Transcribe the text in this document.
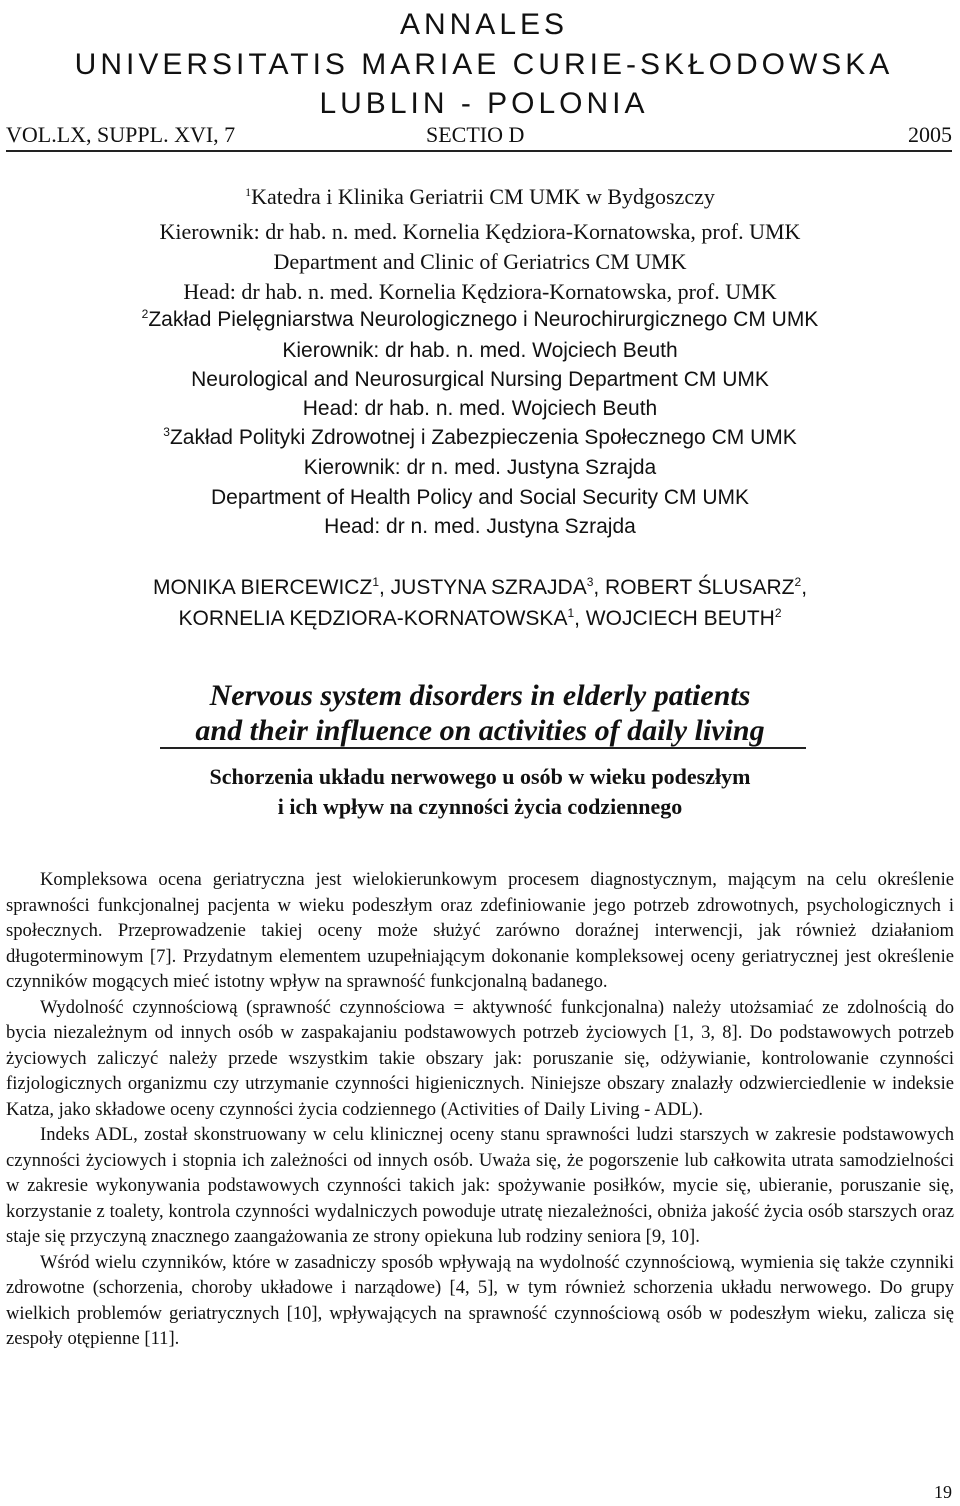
ANNALES
UNIVERSITATIS MARIAE CURIE-SKŁODOWSKA
LUBLIN - POLONIA
VOL.LX, SUPPL. XVI, 7	SECTIO D	2005
$^1$Katedra i Klinika Geriatrii CM UMK w Bydgoszczy
Kierownik: dr hab. n. med. Kornelia Kędziora-Kornatowska, prof. UMK
Department and Clinic of Geriatrics CM UMK
Head: dr hab. n. med. Kornelia Kędziora-Kornatowska, prof. UMK
$^2$Zakład Pielęgniarstwa Neurologicznego i Neurochirurgicznego CM UMK
Kierownik: dr hab. n. med. Wojciech Beuth
Neurological and Neurosurgical Nursing Department CM UMK
Head: dr hab. n. med. Wojciech Beuth
$^3$Zakład Polityki Zdrowotnej i Zabezpieczenia Społecznego CM UMK
Kierownik: dr n. med. Justyna Szrajda
Department of Health Policy and Social Security CM UMK
Head: dr n. med. Justyna Szrajda
MONIKA BIERCEWICZ$^1$, JUSTYNA SZRAJDA$^3$, ROBERT ŚLUSARZ$^2$,
KORNELIA KĘDZIORA-KORNATOWSKA$^1$, WOJCIECH BEUTH$^2$
Nervous system disorders in elderly patients
and their influence on activities of daily living
Schorzenia układu nerwowego u osób w wieku podeszłym
i ich wpływ na czynności życia codziennego

Kompleksowa ocena geriatryczna jest wielokierunkowym procesem diagnostycznym, mającym na celu określenie sprawności funkcjonalnej pacjenta w wieku podeszłym oraz zdefiniowanie jego potrzeb zdrowotnych, psychologicznych i społecznych. Przeprowadzenie takiej oceny może służyć zarówno doraźnej interwencji, jak również działaniom długoterminowym [7]. Przydatnym elementem uzupełniającym dokonanie kompleksowej oceny geriatrycznej jest określenie czynników mogących mieć istotny wpływ na sprawność funkcjonalną badanego.

Wydolność czynnościową (sprawność czynnościowa = aktywność funkcjonalna) należy utożsamiać ze zdolnością do bycia niezależnym od innych osób w zaspakajaniu podstawowych potrzeb życiowych [1, 3, 8]. Do podstawowych potrzeb życiowych zaliczyć należy przede wszystkim takie obszary jak: poruszanie się, odżywianie, kontrolowanie czynności fizjologicznych organizmu czy utrzymanie czynności higienicznych. Niniejsze obszary znalazły odzwierciedlenie w indeksie Katza, jako składowe oceny czynności życia codziennego (Activities of Daily Living - ADL).

Indeks ADL, został skonstruowany w celu klinicznej oceny stanu sprawności ludzi starszych w zakresie podstawowych czynności życiowych i stopnia ich zależności od innych osób. Uważa się, że pogorszenie lub całkowita utrata samodzielności w zakresie wykonywania podstawowych czynności takich jak: spożywanie posiłków, mycie się, ubieranie, poruszanie się, korzystanie z toalety, kontrola czynności wydalniczych powoduje utratę niezależności, obniża jakość życia osób starszych oraz staje się przyczyną znacznego zaangażowania ze strony opiekuna lub rodziny seniora [9, 10].

Wśród wielu czynników, które w zasadniczy sposób wpływają na wydolność czynnościową, wymienia się także czynniki zdrowotne (schorzenia, choroby układowe i narządowe) [4, 5], w tym również schorzenia układu nerwowego. Do grupy wielkich problemów geriatrycznych [10], wpływających na sprawność czynnościową osób w podeszłym wieku, zalicza się zespoły otępienne [11].

19
